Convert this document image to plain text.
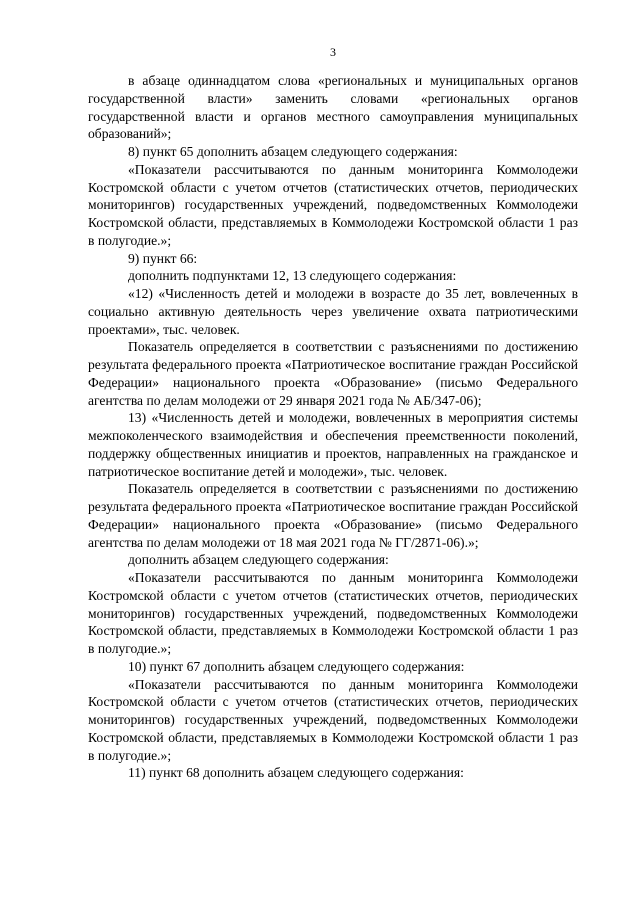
3

в абзаце одиннадцатом слова «региональных и муниципальных органов государственной власти» заменить словами «региональных органов государственной власти и органов местного самоуправления муниципальных образований»;

8) пункт 65 дополнить абзацем следующего содержания:

«Показатели рассчитываются по данным мониторинга Коммолодежи Костромской области с учетом отчетов (статистических отчетов, периодических мониторингов) государственных учреждений, подведомственных Коммолодежи Костромской области, представляемых в Коммолодежи Костромской области 1 раз в полугодие.»;

9) пункт 66:

дополнить подпунктами 12, 13 следующего содержания:

«12) «Численность детей и молодежи в возрасте до 35 лет, вовлеченных в социально активную деятельность через увеличение охвата патриотическими проектами», тыс. человек.

Показатель определяется в соответствии с разъяснениями по достижению результата федерального проекта «Патриотическое воспитание граждан Российской Федерации» национального проекта «Образование» (письмо Федерального агентства по делам молодежи от 29 января 2021 года № АБ/347-06);

13) «Численность детей и молодежи, вовлеченных в мероприятия системы межпоколенческого взаимодействия и обеспечения преемственности поколений, поддержку общественных инициатив и проектов, направленных на гражданское и патриотическое воспитание детей и молодежи», тыс. человек.

Показатель определяется в соответствии с разъяснениями по достижению результата федерального проекта «Патриотическое воспитание граждан Российской Федерации» национального проекта «Образование» (письмо Федерального агентства по делам молодежи от 18 мая 2021 года № ГГ/2871-06).»;

дополнить абзацем следующего содержания:

«Показатели рассчитываются по данным мониторинга Коммолодежи Костромской области с учетом отчетов (статистических отчетов, периодических мониторингов) государственных учреждений, подведомственных Коммолодежи Костромской области, представляемых в Коммолодежи Костромской области 1 раз в полугодие.»;

10) пункт 67 дополнить абзацем следующего содержания:

«Показатели рассчитываются по данным мониторинга Коммолодежи Костромской области с учетом отчетов (статистических отчетов, периодических мониторингов) государственных учреждений, подведомственных Коммолодежи Костромской области, представляемых в Коммолодежи Костромской области 1 раз в полугодие.»;

11) пункт 68 дополнить абзацем следующего содержания:
